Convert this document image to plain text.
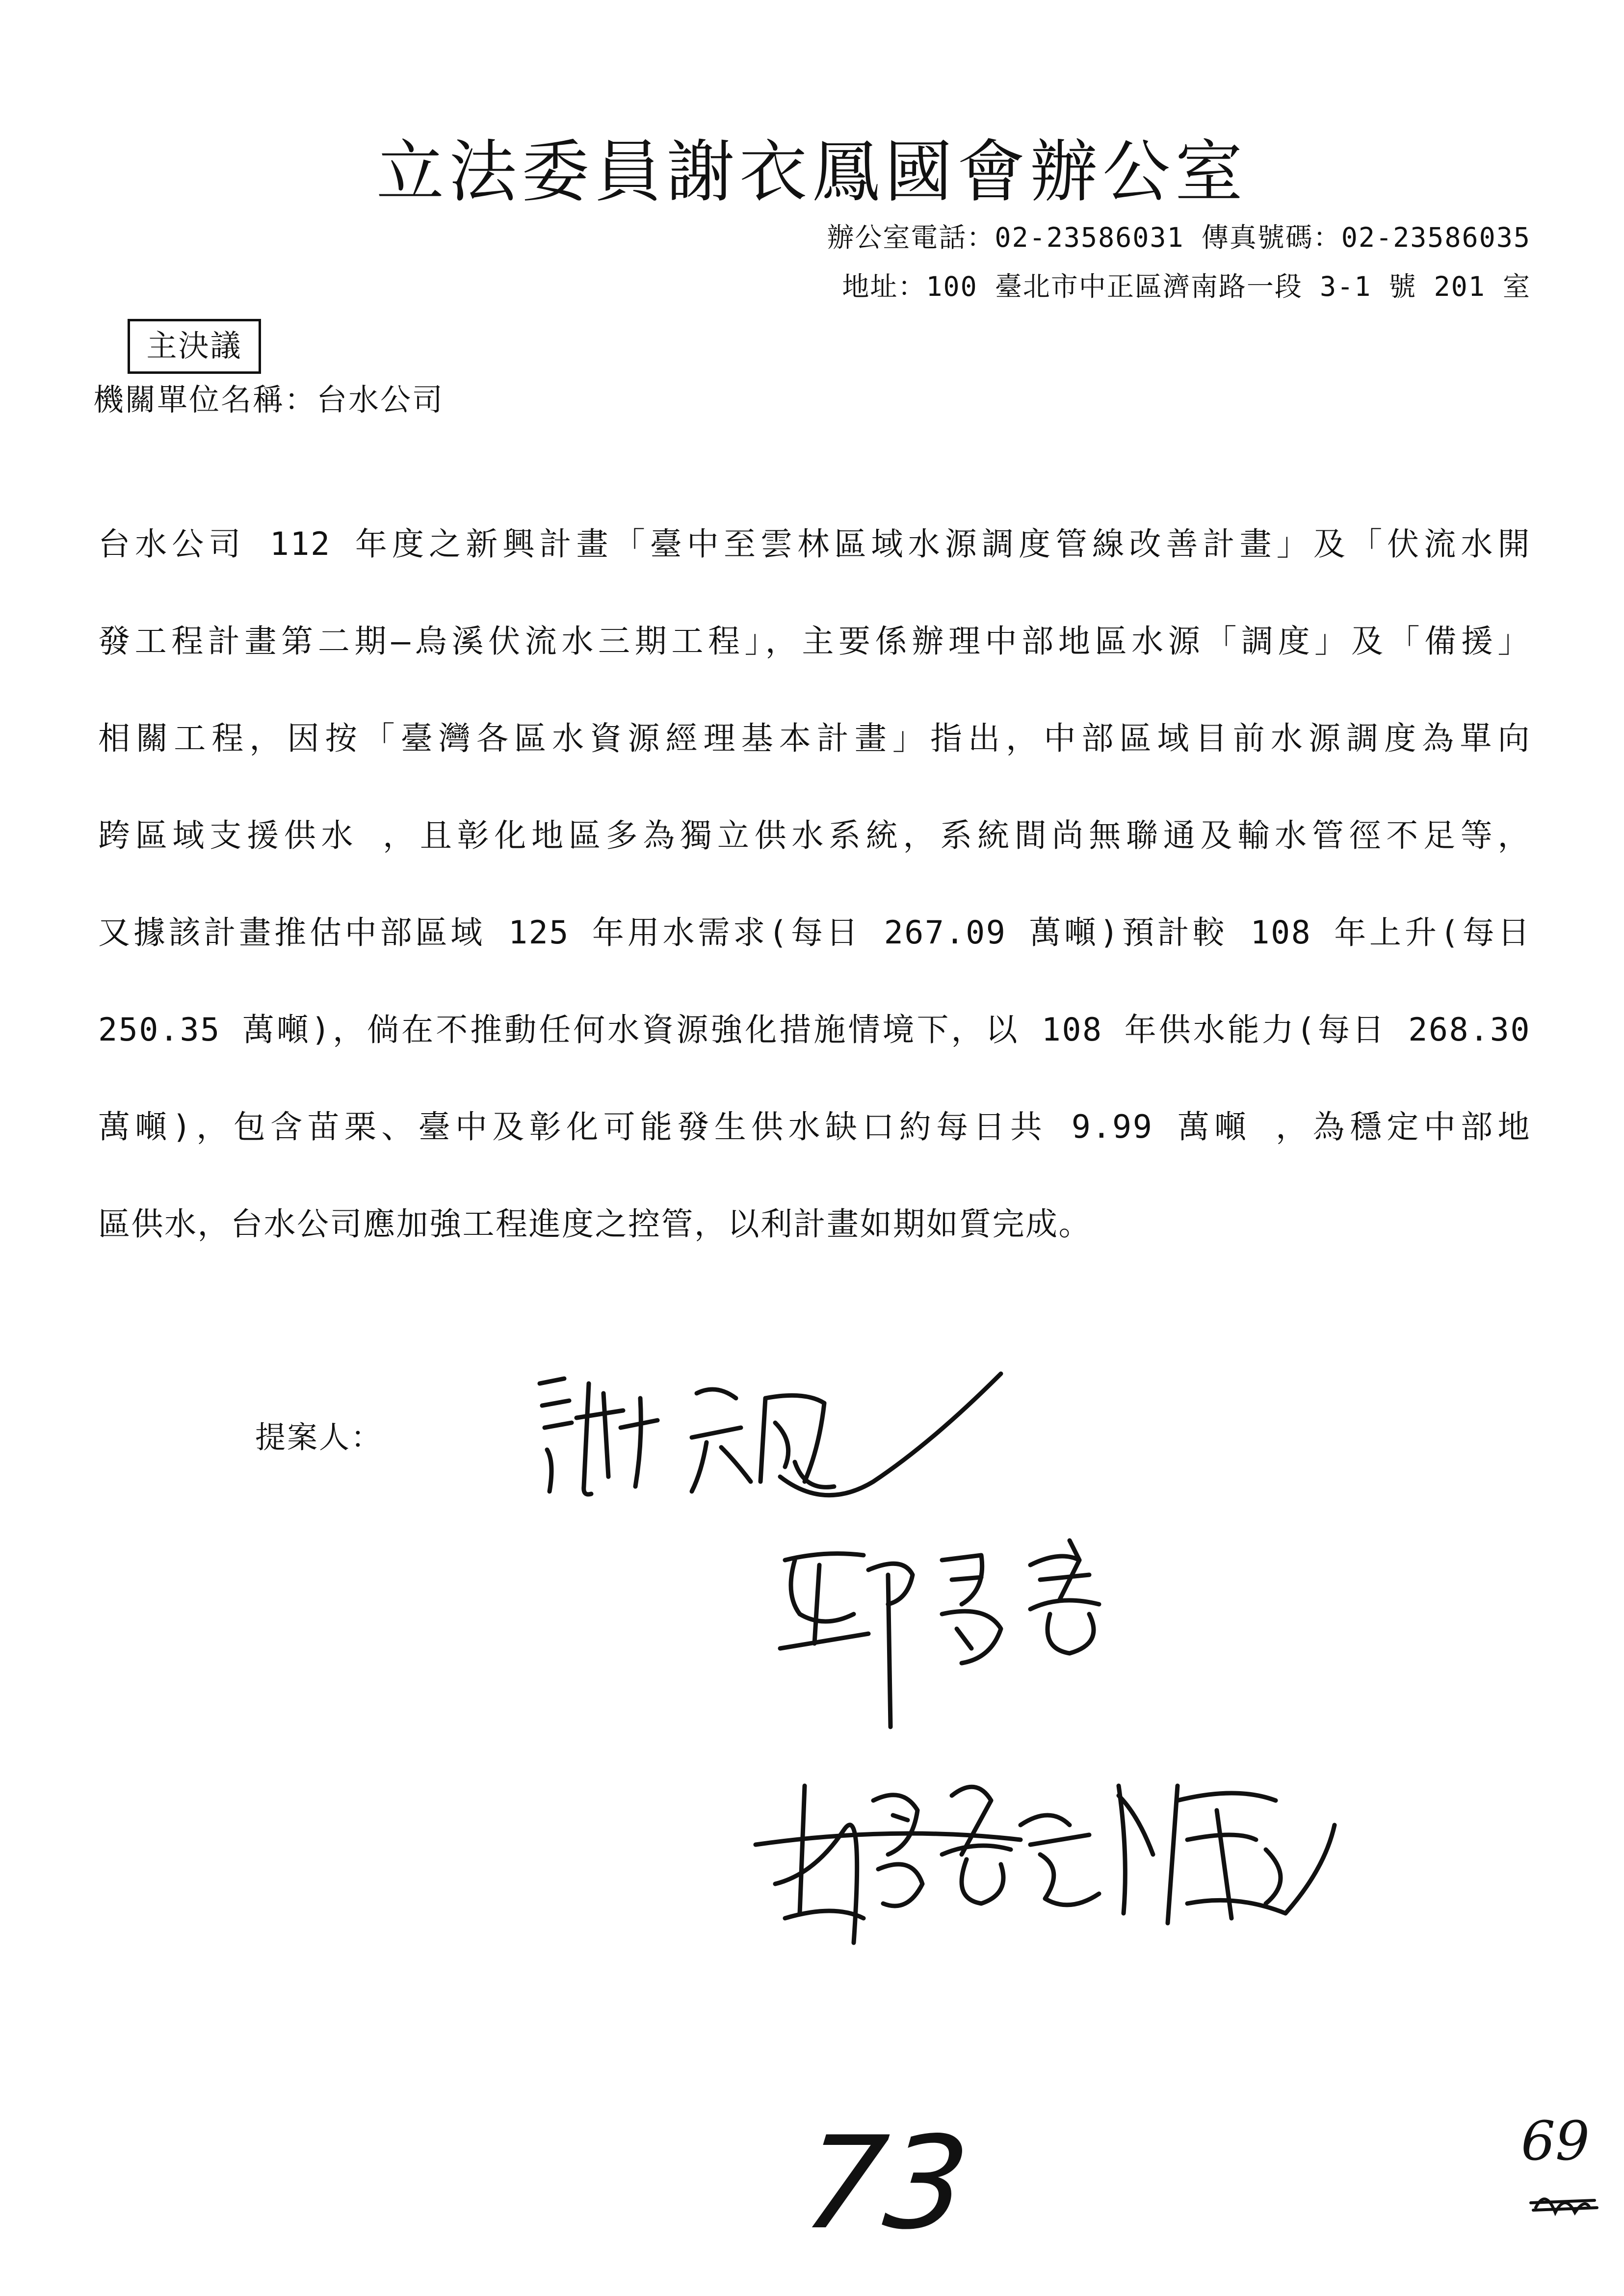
立法委員謝衣鳳國會辦公室
辦公室電話：02-23586031 傳真號碼：02-23586035
地址：100 臺北市中正區濟南路一段 3-1 號 201 室
主決議
機關單位名稱：台水公司
台水公司 112 年度之新興計畫「臺中至雲林區域水源調度管線改善計畫」及「伏流水開
發工程計畫第二期–烏溪伏流水三期工程」，主要係辦理中部地區水源「調度」及「備援」
相關工程，因按「臺灣各區水資源經理基本計畫」指出，中部區域目前水源調度為單向
跨區域支援供水 ，且彰化地區多為獨立供水系統，系統間尚無聯通及輸水管徑不足等，
又據該計畫推估中部區域 125 年用水需求(每日 267.09 萬噸)預計較 108 年上升(每日
250.35 萬噸)，倘在不推動任何水資源強化措施情境下，以 108 年供水能力(每日 268.30
萬噸)，包含苗栗、臺中及彰化可能發生供水缺口約每日共 9.99 萬噸 ，為穩定中部地
區供水，台水公司應加強工程進度之控管，以利計畫如期如質完成。
提案人：
73	69
